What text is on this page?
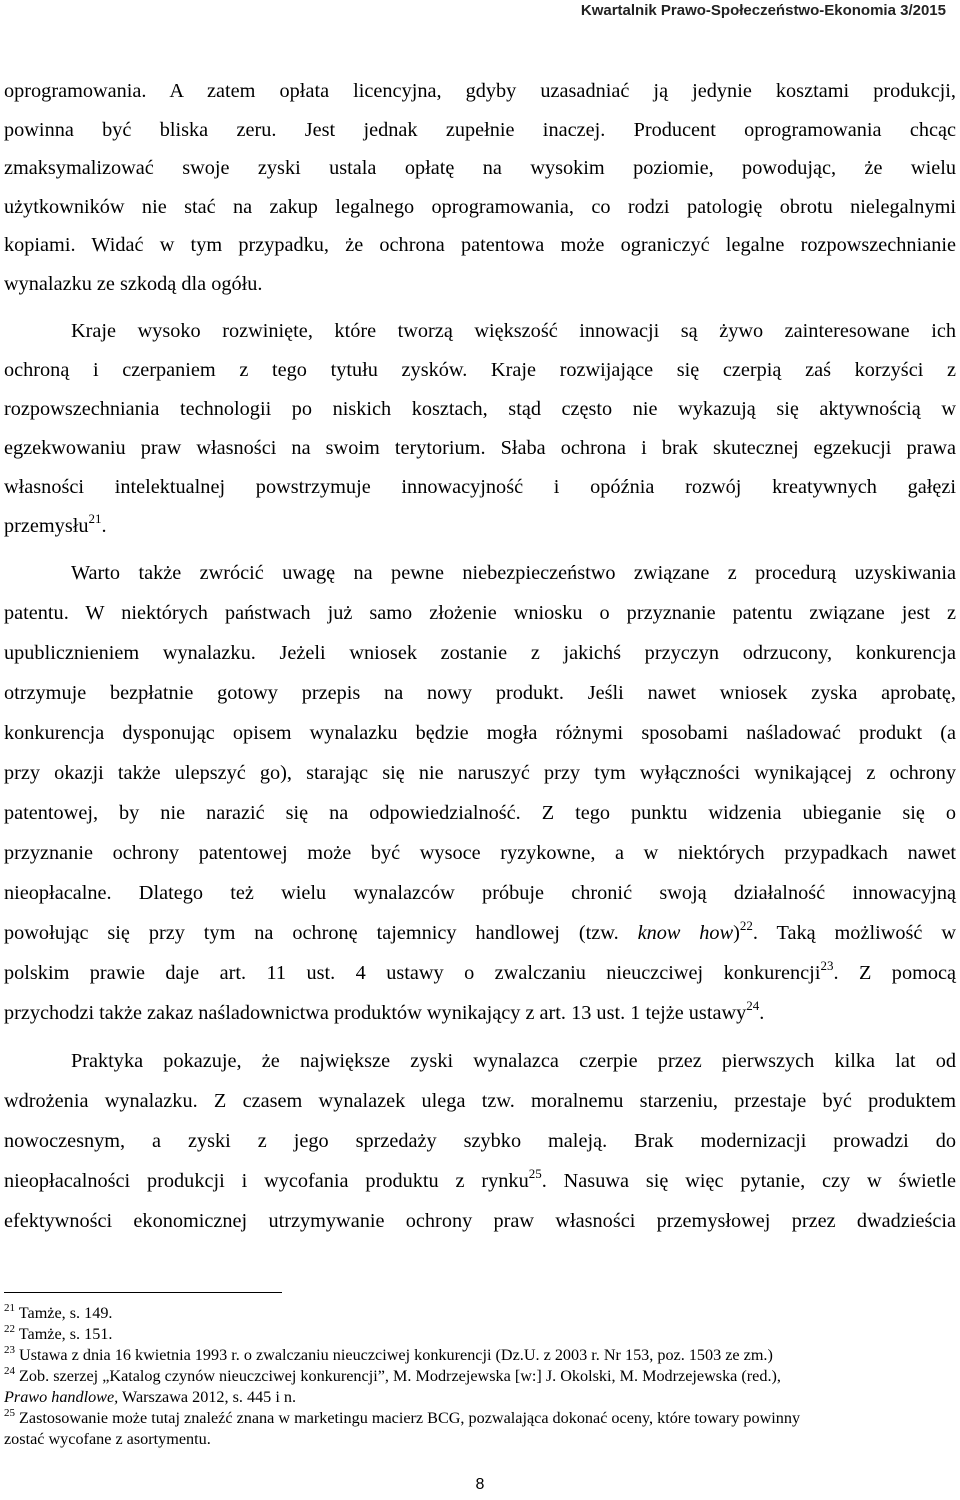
Kwartalnik Prawo-Społeczeństwo-Ekonomia 3/2015
oprogramowania. A zatem opłata licencyjna, gdyby uzasadniać ją jedynie kosztami produkcji,
powinna być bliska zeru. Jest jednak zupełnie inaczej. Producent oprogramowania chcąc
zmaksymalizować swoje zyski ustala opłatę na wysokim poziomie, powodując, że wielu
użytkowników nie stać na zakup legalnego oprogramowania, co rodzi patologię obrotu nielegalnymi
kopiami. Widać w tym przypadku, że ochrona patentowa może ograniczyć legalne rozpowszechnianie
wynalazku ze szkodą dla ogółu.
Kraje wysoko rozwinięte, które tworzą większość innowacji są żywo zainteresowane ich
ochroną i czerpaniem z tego tytułu zysków. Kraje rozwijające się czerpią zaś korzyści z
rozpowszechniania technologii po niskich kosztach, stąd często nie wykazują się aktywnością w
egzekwowaniu praw własności na swoim terytorium. Słaba ochrona i brak skutecznej egzekucji prawa
własności intelektualnej powstrzymuje innowacyjność i opóźnia rozwój kreatywnych gałęzi
przemysłu$^{21}$.
Warto także zwrócić uwagę na pewne niebezpieczeństwo związane z procedurą uzyskiwania
patentu. W niektórych państwach już samo złożenie wniosku o przyznanie patentu związane jest z
upublicznieniem wynalazku. Jeżeli wniosek zostanie z jakichś przyczyn odrzucony, konkurencja
otrzymuje bezpłatnie gotowy przepis na nowy produkt. Jeśli nawet wniosek zyska aprobatę,
konkurencja dysponując opisem wynalazku będzie mogła różnymi sposobami naśladować produkt (a
przy okazji także ulepszyć go), starając się nie naruszyć przy tym wyłączności wynikającej z ochrony
patentowej, by nie narazić się na odpowiedzialność. Z tego punktu widzenia ubieganie się o
przyznanie ochrony patentowej może być wysoce ryzykowne, a w niektórych przypadkach nawet
nieopłacalne. Dlatego też wielu wynalazców próbuje chronić swoją działalność innowacyjną
powołując się przy tym na ochronę tajemnicy handlowej (tzw. know how)$^{22}$. Taką możliwość w
polskim prawie daje art. 11 ust. 4 ustawy o zwalczaniu nieuczciwej konkurencji$^{23}$. Z pomocą
przychodzi także zakaz naśladownictwa produktów wynikający z art. 13 ust. 1 tejże ustawy$^{24}$.
Praktyka pokazuje, że największe zyski wynalazca czerpie przez pierwszych kilka lat od
wdrożenia wynalazku. Z czasem wynalazek ulega tzw. moralnemu starzeniu, przestaje być produktem
nowoczesnym, a zyski z jego sprzedaży szybko maleją. Brak modernizacji prowadzi do
nieopłacalności produkcji i wycofania produktu z rynku$^{25}$. Nasuwa się więc pytanie, czy w świetle
efektywności ekonomicznej utrzymywanie ochrony praw własności przemysłowej przez dwadzieścia
$^{21}$ Tamże, s. 149.
$^{22}$ Tamże, s. 151.
$^{23}$ Ustawa z dnia 16 kwietnia 1993 r. o zwalczaniu nieuczciwej konkurencji (Dz.U. z 2003 r. Nr 153, poz. 1503 ze zm.)
$^{24}$ Zob. szerzej „Katalog czynów nieuczciwej konkurencji”, M. Modrzejewska [w:] J. Okolski, M. Modrzejewska (red.),
Prawo handlowe, Warszawa 2012, s. 445 i n.
$^{25}$ Zastosowanie może tutaj znaleźć znana w marketingu macierz BCG, pozwalająca dokonać oceny, które towary powinny
zostać wycofane z asortymentu.
8
